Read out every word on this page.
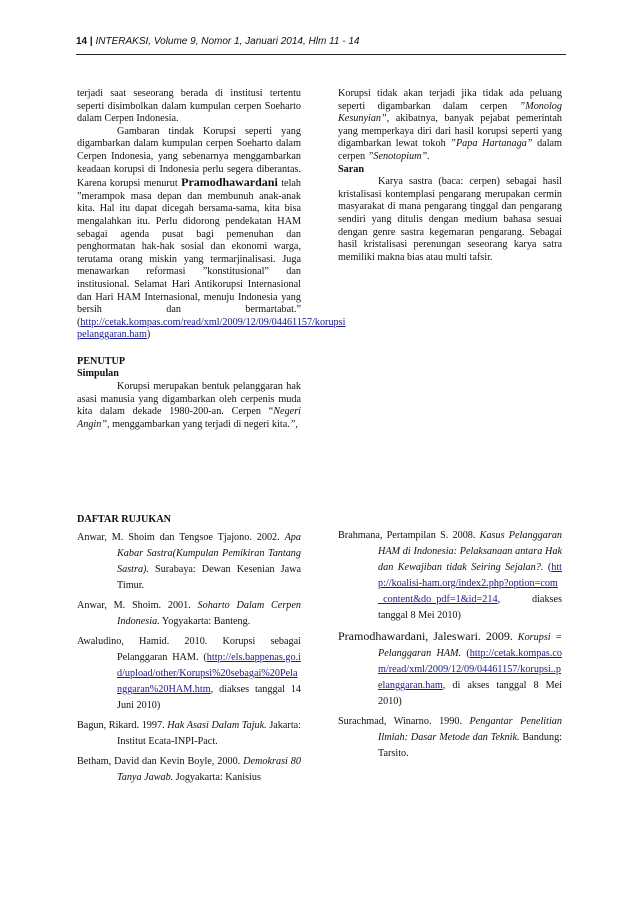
14 | INTERAKSI, Volume 9, Nomor 1, Januari 2014, Hlm 11 - 14

terjadi saat seseorang berada di institusi tertentu seperti disimbolkan dalam kumpulan cerpen Soeharto dalam Cerpen Indonesia.

Gambaran tindak Korupsi seperti yang digambarkan dalam kumpulan cerpen Soeharto dalam Cerpen Indonesia, yang sebenarnya menggambarkan keadaan korupsi di Indonesia perlu segera diberantas. Karena korupsi menurut Pramodhawardani telah ”merampok masa depan dan membunuh anak-anak kita. Hal itu dapat dicegah bersama-sama, kita bisa mengalahkan itu. Perlu didorong pendekatan HAM sebagai agenda pusat bagi pemenuhan dan penghormatan hak-hak sosial dan ekonomi warga, terutama orang miskin yang termarjinalisasi. Juga menawarkan reformasi ”konstitusional” dan institusional. Selamat Hari Antikorupsi Internasional dan Hari HAM Internasional, menuju Indonesia yang bersih dan bermartabat.” (http://cetak.kompas.com/read/xml/2009/12/09/04461157/korupsi pelanggaran.ham)

PENUTUP

Simpulan

Korupsi merupakan bentuk pelanggaran hak asasi manusia yang digambarkan oleh cerpenis muda kita dalam dekade 1980-200-an. Cerpen “Negeri Angin”, menggambarkan yang terjadi di negeri kita.”,

Korupsi tidak akan terjadi jika tidak ada peluang seperti digambarkan dalam cerpen ”Monolog Kesunyian”, akibatnya, banyak pejabat pemerintah yang memperkaya diri dari hasil korupsi seperti yang digambarkan lewat tokoh ”Papa Hartanaga” dalam cerpen ”Senotopium”.

Saran

Karya sastra (baca: cerpen) sebagai hasil kristalisasi kontemplasi pengarang merupakan cermin masyarakat di mana pengarang tinggal dan pengarang sendiri yang ditulis dengan medium bahasa sesuai dengan genre sastra kegemaran pengarang. Sebagai hasil kristalisasi perenungan seseorang karya satra memiliki makna bias atau multi tafsir.

DAFTAR RUJUKAN

Anwar, M. Shoim dan Tengsoe Tjajono. 2002. Apa Kabar Sastra(Kumpulan Pemikiran Tantang Sastra). Surabaya: Dewan Kesenian Jawa Timur.

Anwar, M. Shoim. 2001. Soharto Dalam Cerpen Indonesia. Yogyakarta: Banteng.

Awaludino, Hamid. 2010. Korupsi sebagai Pelanggaran HAM. (http://els.bappenas.go.id/upload/other/Korupsi%20sebagai%20Pelanggaran%20HAM.htm, diakses tanggal 14 Juni 2010)

Bagun, Rikard. 1997. Hak Asasi Dalam Tajuk. Jakarta: Institut Ecata-INPI-Pact.

Betham, David dan Kevin Boyle, 2000. Demokrasi 80 Tanya Jawab. Jogyakarta: Kanisius

Brahmana, Pertampilan S. 2008. Kasus Pelanggaran HAM di Indonesia: Pelaksanaan antara Hak dan Kewajiban tidak Seiring Sejalan?. (http://koalisi-ham.org/index2.php?option=com_content&do_pdf=1&id=214, diakses tanggal 8 Mei 2010)

Pramodhawardani, Jaleswari. 2009. Korupsi = Pelanggaran HAM. (http://cetak.kompas.com/read/xml/2009/12/09/04461157/korupsi..pelanggaran.ham, di akses tanggal 8 Mei 2010)

Surachmad, Winarno. 1990. Pengantar Penelitian Ilmiah: Dasar Metode dan Teknik. Bandung: Tarsito.
